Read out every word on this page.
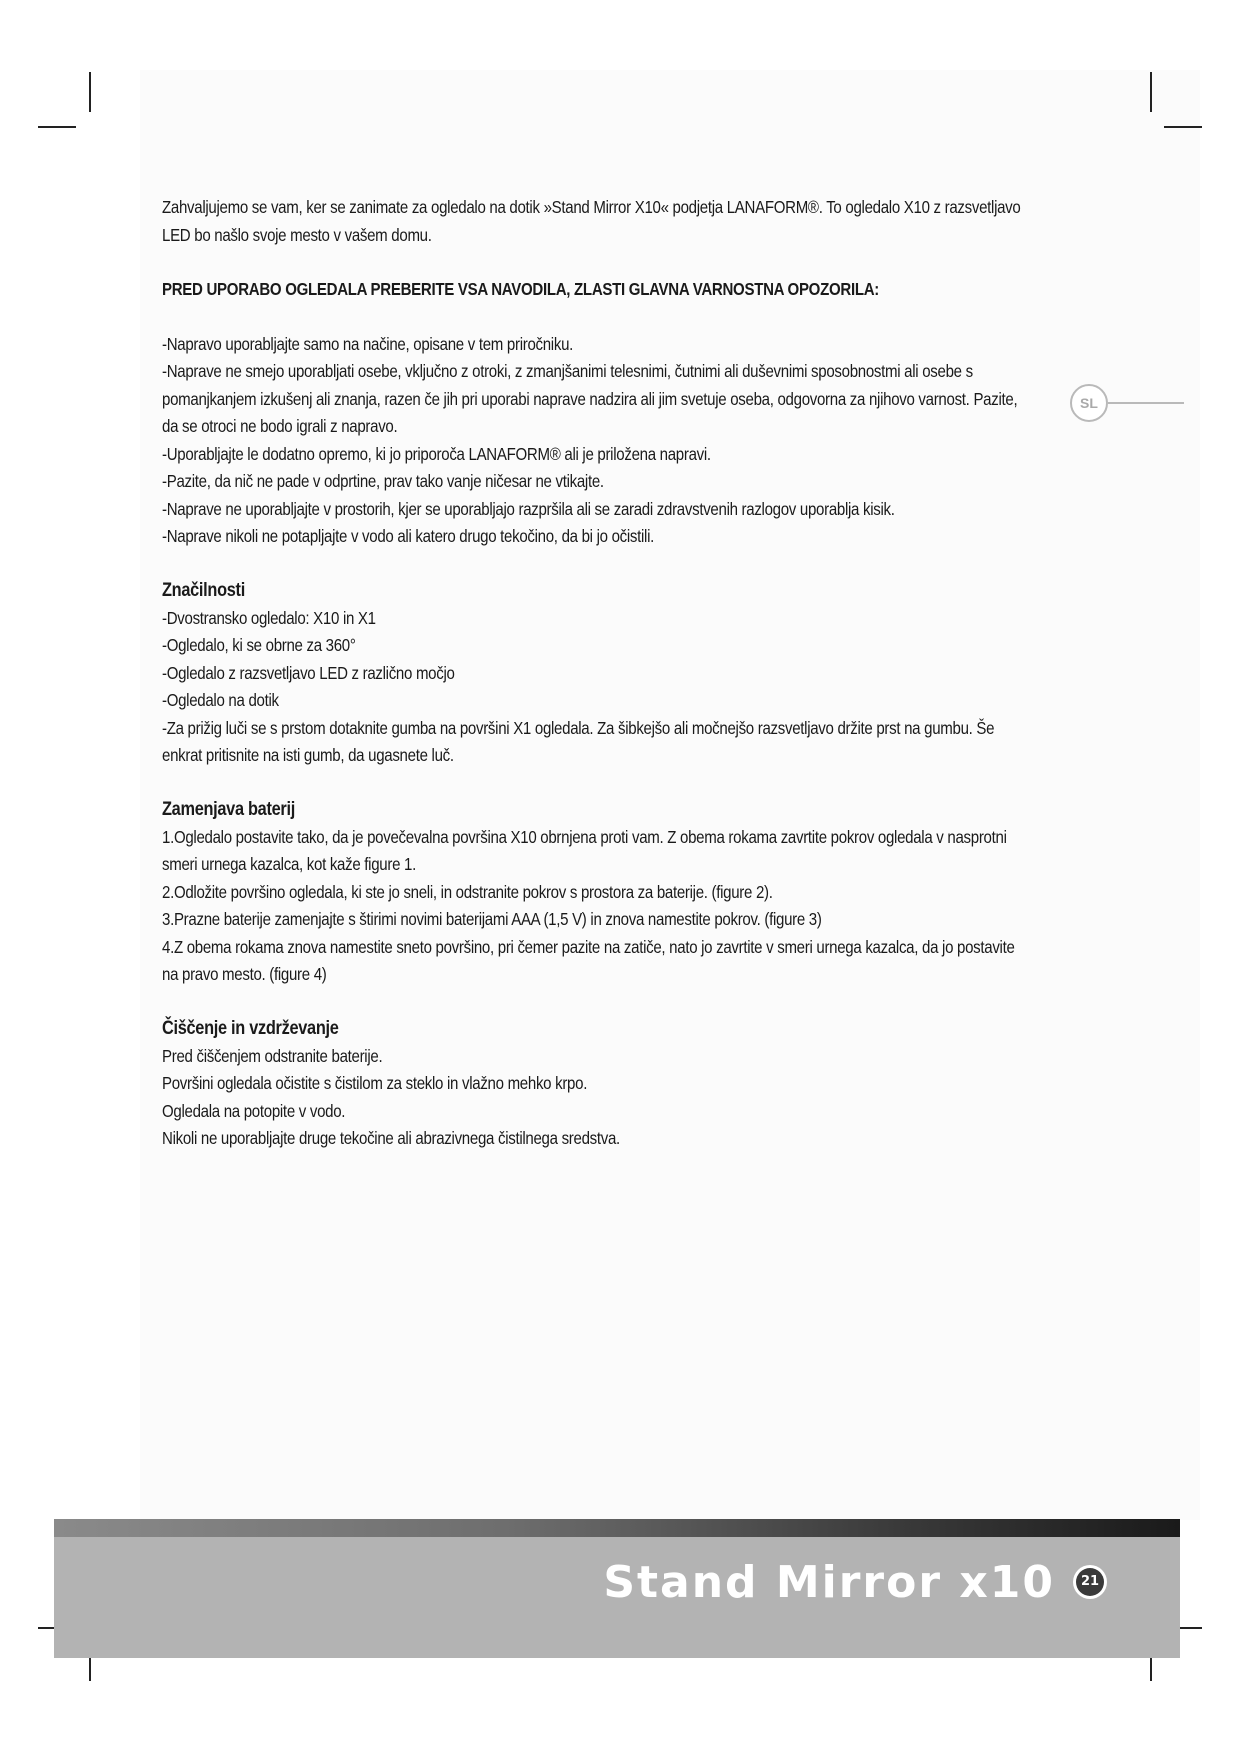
Zahvaljujemo se vam, ker se zanimate za ogledalo na dotik »Stand Mirror X10« podjetja LANAFORM®. To ogledalo X10 z razsvetljavo LED bo našlo svoje mesto v vašem domu.

PRED UPORABO OGLEDALA PREBERITE VSA NAVODILA, ZLASTI GLAVNA VARNOSTNA OPOZORILA:

-Napravo uporabljajte samo na načine, opisane v tem priročniku.

-Naprave ne smejo uporabljati osebe, vključno z otroki, z zmanjšanimi telesnimi, čutnimi ali duševnimi sposobnostmi ali osebe s pomanjkanjem izkušenj ali znanja, razen če jih pri uporabi naprave nadzira ali jim svetuje oseba, odgovorna za njihovo varnost. Pazite, da se otroci ne bodo igrali z napravo.

-Uporabljajte le dodatno opremo, ki jo priporoča LANAFORM® ali je priložena napravi.

-Pazite, da nič ne pade v odprtine, prav tako vanje ničesar ne vtikajte.

-Naprave ne uporabljajte v prostorih, kjer se uporabljajo razpršila ali se zaradi zdravstvenih razlogov uporablja kisik.

-Naprave nikoli ne potapljajte v vodo ali katero drugo tekočino, da bi jo očistili.

Značilnosti

-Dvostransko ogledalo: X10 in X1

-Ogledalo, ki se obrne za 360°

-Ogledalo z razsvetljavo LED z različno močjo

-Ogledalo na dotik

-Za prižig luči se s prstom dotaknite gumba na površini X1 ogledala. Za šibkejšo ali močnejšo razsvetljavo držite prst na gumbu. Še enkrat pritisnite na isti gumb, da ugasnete luč.

Zamenjava baterij

1.Ogledalo postavite tako, da je povečevalna površina X10 obrnjena proti vam. Z obema rokama zavrtite pokrov ogledala v nasprotni smeri urnega kazalca, kot kaže figure 1.

2.Odložite površino ogledala, ki ste jo sneli, in odstranite pokrov s prostora za baterije. (figure 2).

3.Prazne baterije zamenjajte s štirimi novimi baterijami AAA (1,5 V) in znova namestite pokrov. (figure 3)

4.Z obema rokama znova namestite sneto površino, pri čemer pazite na zatiče, nato jo zavrtite v smeri urnega kazalca, da jo postavite na pravo mesto. (figure 4)

Čiščenje in vzdrževanje

Pred čiščenjem odstranite baterije.

Površini ogledala očistite s čistilom za steklo in vlažno mehko krpo.

Ogledala na potopite v vodo.

Nikoli ne uporabljajte druge tekočine ali abrazivnega čistilnega sredstva.

SL
Stand Mirror x10	21
